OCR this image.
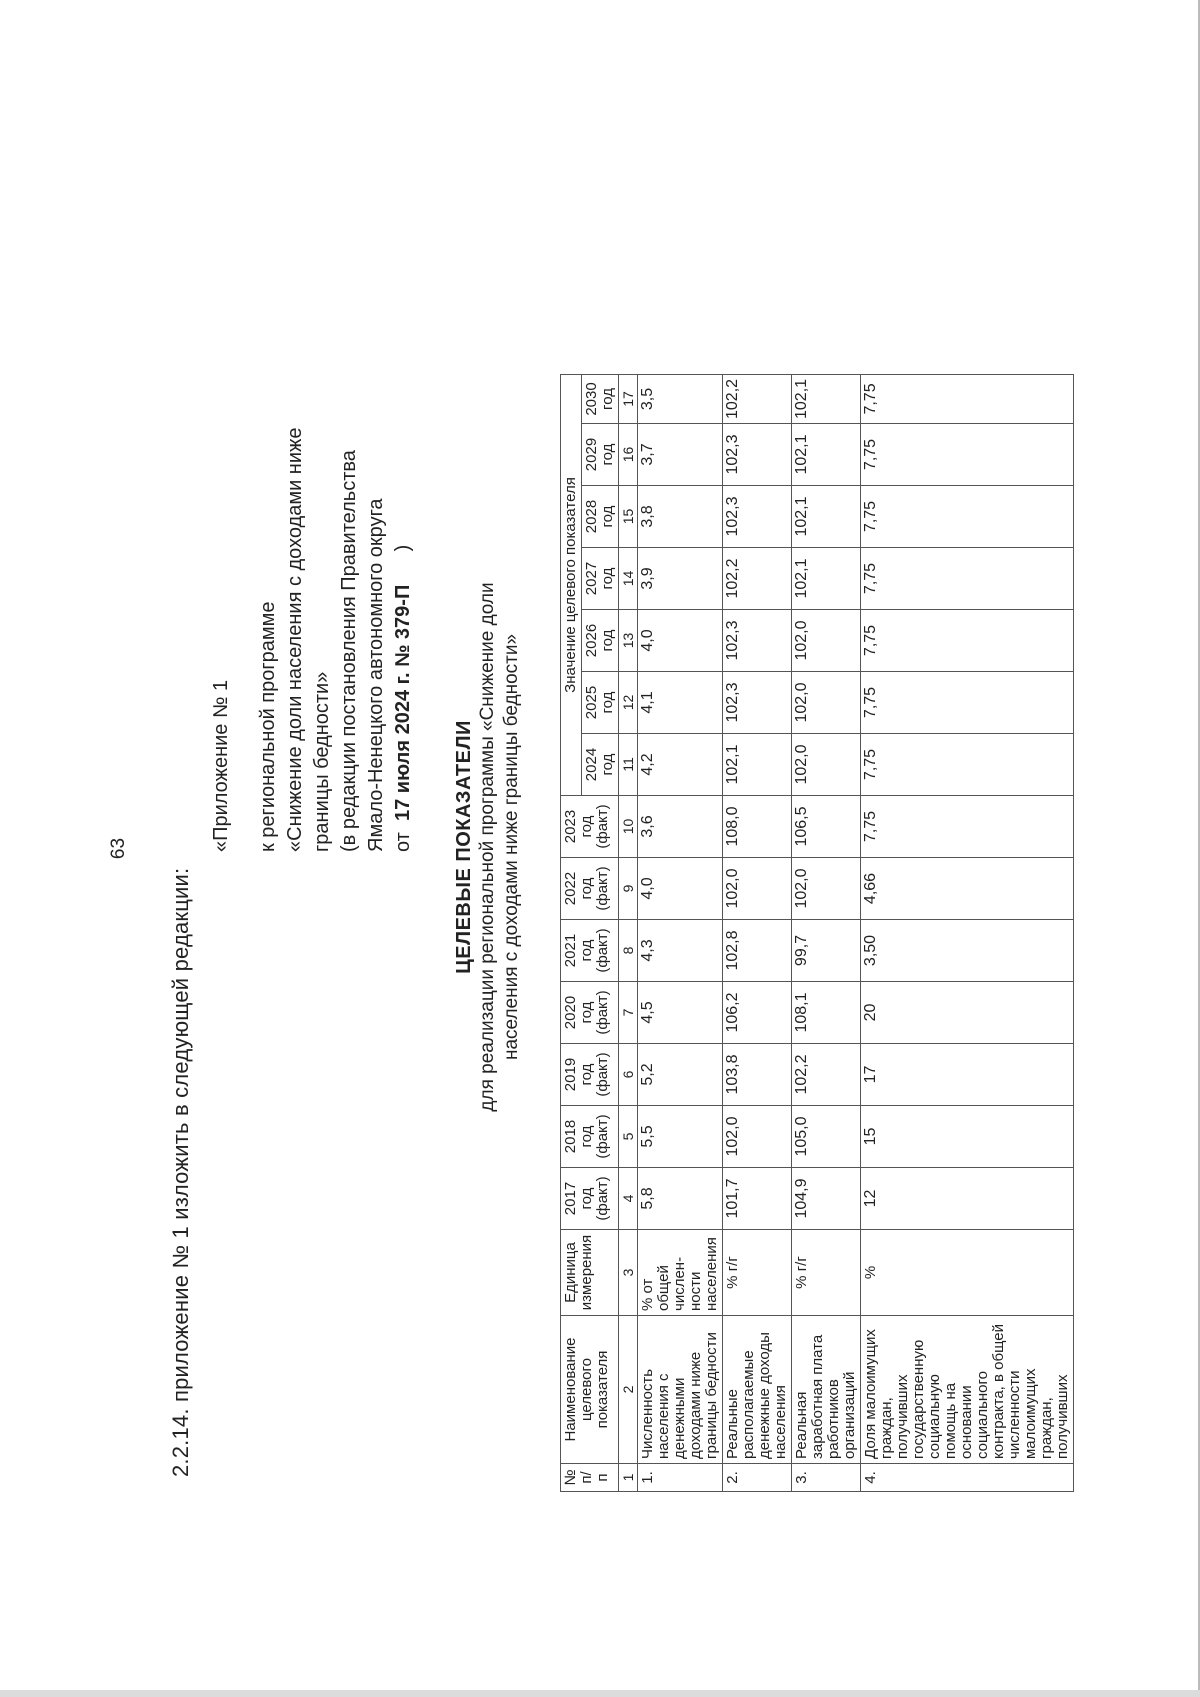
63
2.2.14. приложение № 1 изложить в следующей редакции:
«Приложение № 1 к региональной программе «Снижение доли населения с доходами ниже границы бедности» (в редакции постановления Правительства Ямало-Ненецкого автономного округа от  17 июля 2024 г. № 379-П      )
ЦЕЛЕВЫЕ ПОКАЗАТЕЛИ для реализации региональной программы «Снижение доли населения с доходами ниже границы бедности»
№ п/п	Наименование целевого показателя	Единица измерения	2017 год (факт)	2018 год (факт)	2019 год (факт)	2020 год (факт)	2021 год (факт)	2022 год (факт)	2023 год (факт)	Значение целевого показателя						
										2024 год	2025 год	2026 год	2027 год	2028 год	2029 год	2030 год
1	2	3	4	5	6	7	8	9	10	11	12	13	14	15	16	17
1.	Численность населения с денежными доходами ниже границы бедности	% от общей числен-ности населения	5,8	5,5	5,2	4,5	4,3	4,0	3,6	4,2	4,1	4,0	3,9	3,8	3,7	3,5
2.	Реальные располагаемые денежные доходы населения	% г/г	101,7	102,0	103,8	106,2	102,8	102,0	108,0	102,1	102,3	102,3	102,2	102,3	102,3	102,2
3.	Реальная заработная плата работников организаций	% г/г	104,9	105,0	102,2	108,1	99,7	102,0	106,5	102,0	102,0	102,0	102,1	102,1	102,1	102,1
4.	Доля малоимущих граждан, получивших государственную социальную помощь на основании социального контракта, в общей численности малоимущих граждан, получивших	%	12	15	17	20	3,50	4,66	7,75	7,75	7,75	7,75	7,75	7,75	7,75	7,75
